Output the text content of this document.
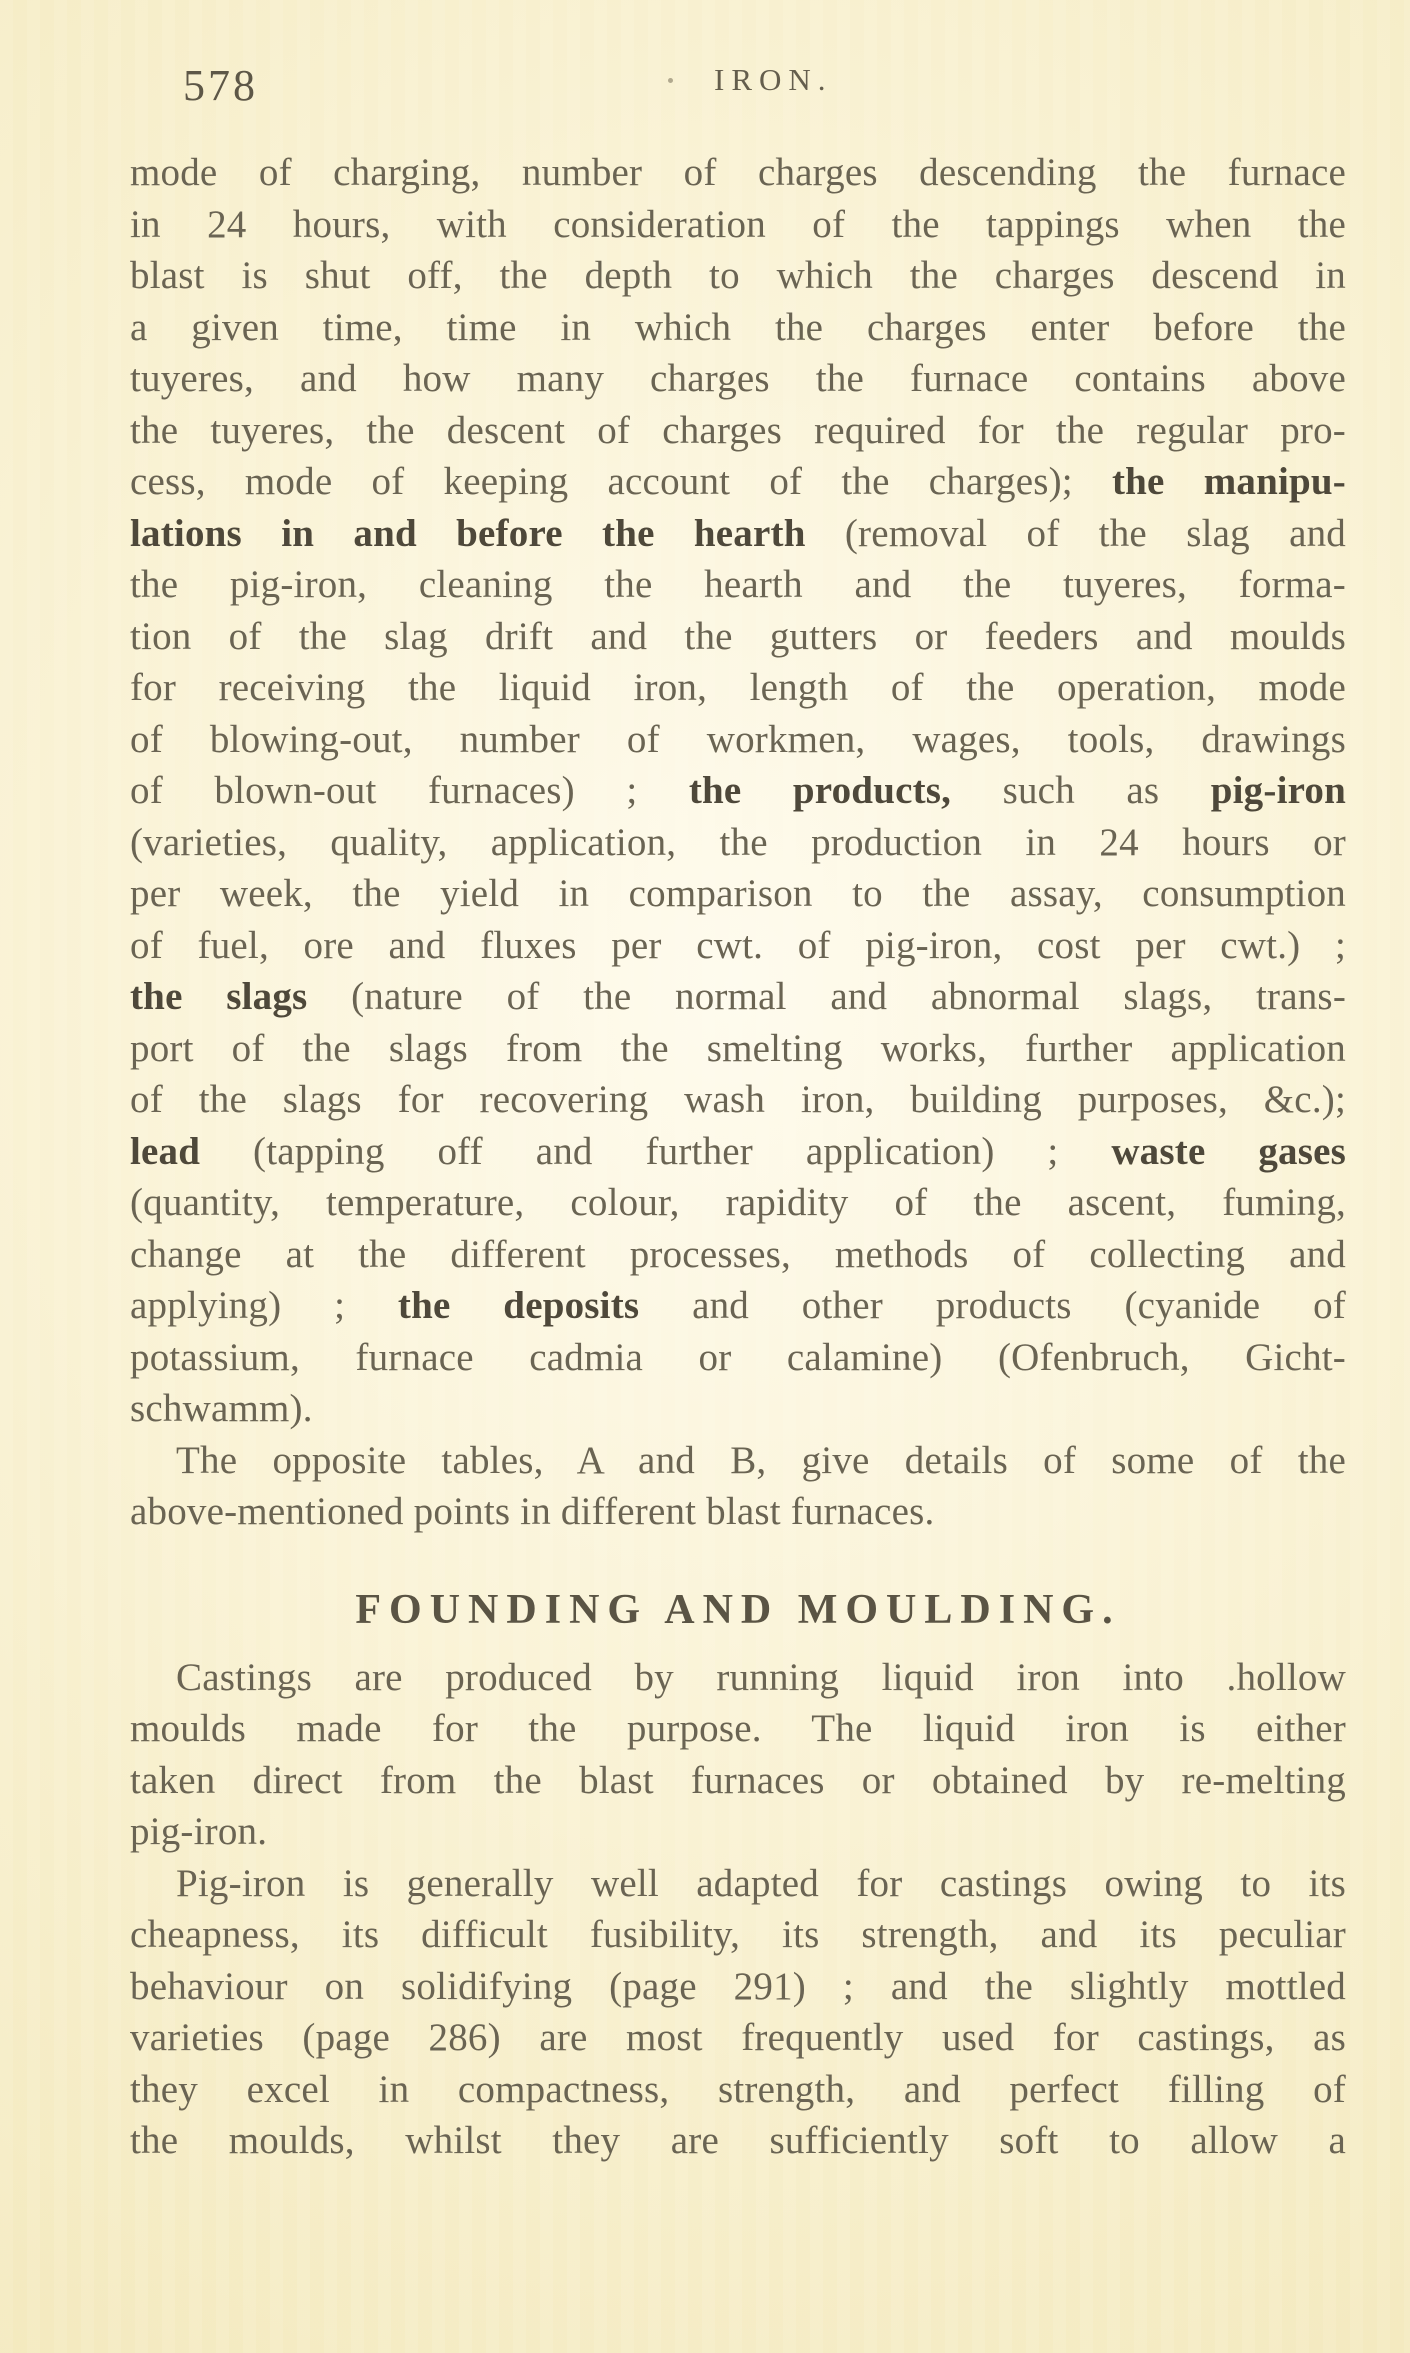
578	IRON.
mode of charging, number of charges descending the furnace
in 24 hours, with consideration of the tappings when the
blast is shut off, the depth to which the charges descend in
a given time, time in which the charges enter before the
tuyeres, and how many charges the furnace contains above
the tuyeres, the descent of charges required for the regular pro-
cess, mode of keeping account of the charges); the manipu-
lations in and before the hearth (removal of the slag and
the pig-iron, cleaning the hearth and the tuyeres, forma-
tion of the slag drift and the gutters or feeders and moulds
for receiving the liquid iron, length of the operation, mode
of blowing-out, number of workmen, wages, tools, drawings
of blown-out furnaces) ; the products, such as pig-iron
(varieties, quality, application, the production in 24 hours or
per week, the yield in comparison to the assay, consumption
of fuel, ore and fluxes per cwt. of pig-iron, cost per cwt.) ;
the slags (nature of the normal and abnormal slags, trans-
port of the slags from the smelting works, further application
of the slags for recovering wash iron, building purposes, &c.);
lead (tapping off and further application) ; waste gases
(quantity, temperature, colour, rapidity of the ascent, fuming,
change at the different processes, methods of collecting and
applying) ; the deposits and other products (cyanide of
potassium, furnace cadmia or calamine) (Ofenbruch, Gicht-
schwamm).
The opposite tables, A and B, give details of some of the
above-mentioned points in different blast furnaces.
FOUNDING AND MOULDING.
Castings are produced by running liquid iron into .hollow
moulds made for the purpose. The liquid iron is either
taken direct from the blast furnaces or obtained by re-melting
pig-iron.
Pig-iron is generally well adapted for castings owing to its
cheapness, its difficult fusibility, its strength, and its peculiar
behaviour on solidifying (page 291) ; and the slightly mottled
varieties (page 286) are most frequently used for castings, as
they excel in compactness, strength, and perfect filling of
the moulds, whilst they are sufficiently soft to allow a
